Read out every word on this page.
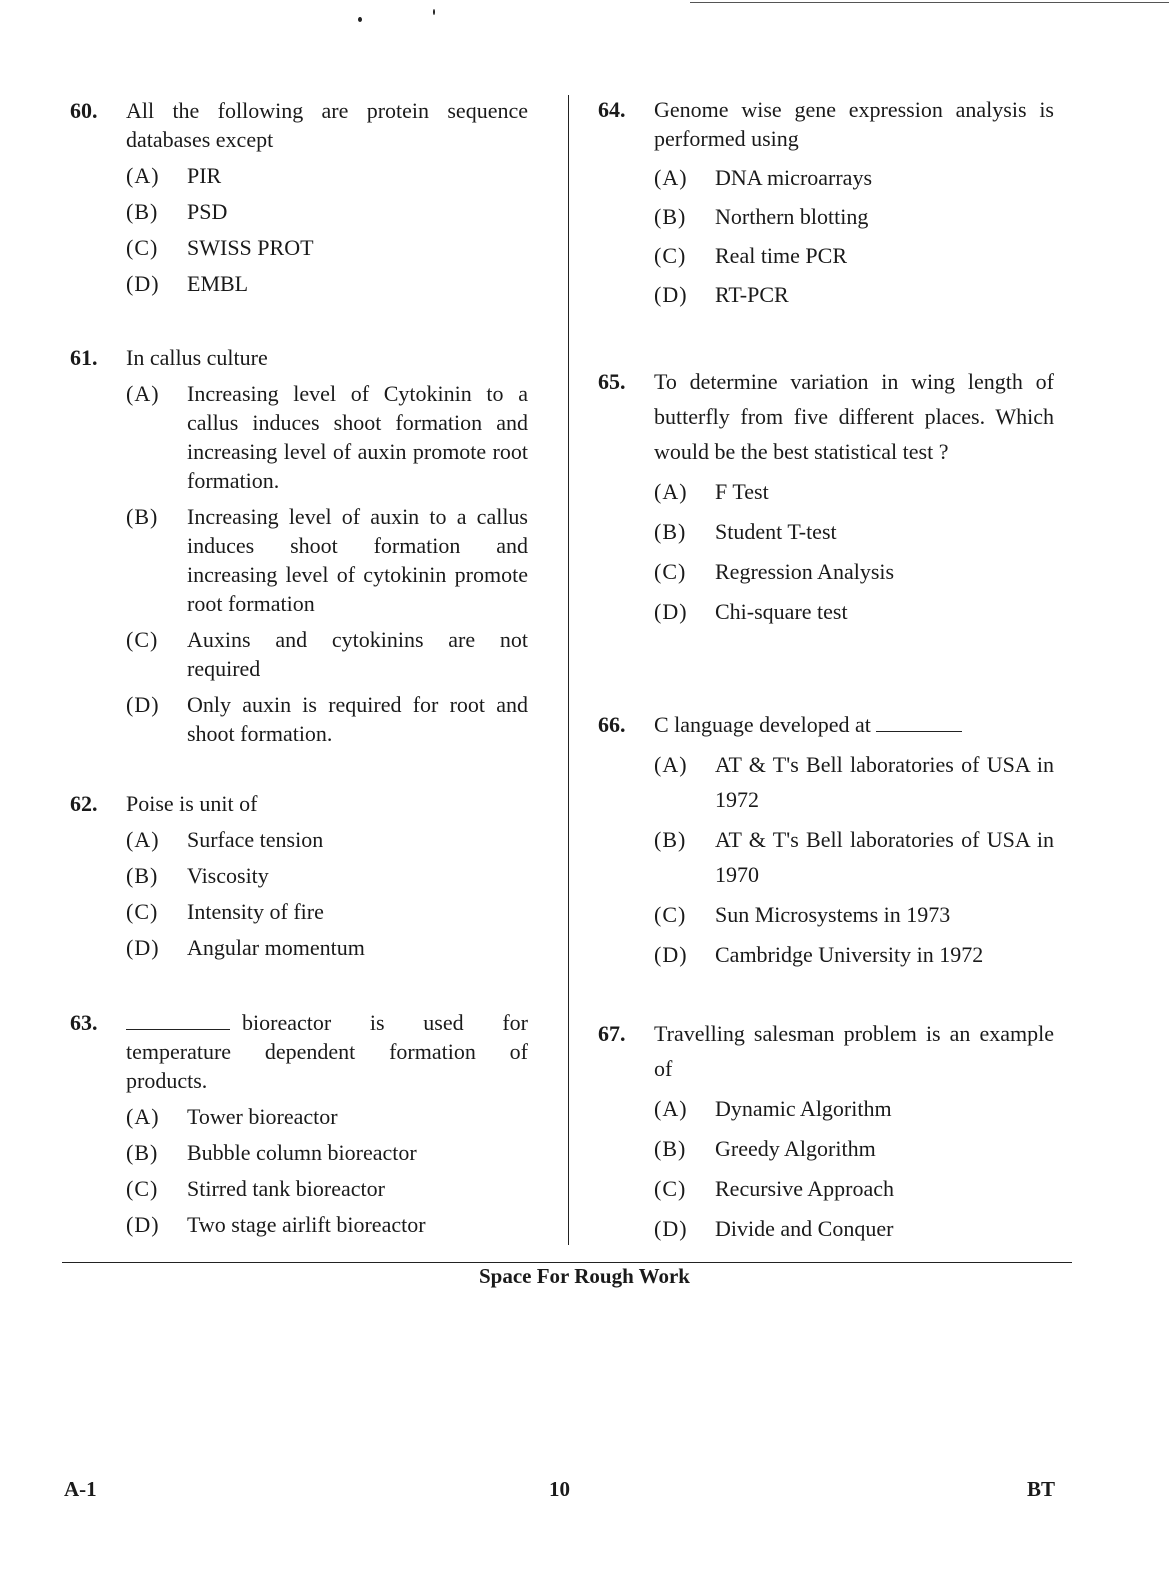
60.	All the following are protein sequence databases except
(A)	PIR
(B)	PSD
(C)	SWISS PROT
(D)	EMBL
61.	In callus culture
(A)	Increasing level of Cytokinin to a callus induces shoot formation and increasing level of auxin promote root formation.
(B)	Increasing level of auxin to a callus induces shoot formation and increasing level of cytokinin promote root formation
(C)	Auxins and cytokinins are not required
(D)	Only auxin is required for root and shoot formation.
62.	Poise is unit of
(A)	Surface tension
(B)	Viscosity
(C)	Intensity of fire
(D)	Angular momentum
63.	bioreactor is used for temperature dependent formation of products.
(A)	Tower bioreactor
(B)	Bubble column bioreactor
(C)	Stirred tank bioreactor
(D)	Two stage airlift bioreactor
64.	Genome wise gene expression analysis is performed using
(A)	DNA microarrays
(B)	Northern blotting
(C)	Real time PCR
(D)	RT-PCR
65.	To determine variation in wing length of butterfly from five different places. Which would be the best statistical test ?
(A)	F Test
(B)	Student T-test
(C)	Regression Analysis
(D)	Chi-square test
66.	C language developed at
(A)	AT & T's Bell laboratories of USA in 1972
(B)	AT & T's Bell laboratories of USA in 1970
(C)	Sun Microsystems in 1973
(D)	Cambridge University in 1972
67.	Travelling salesman problem is an example of
(A)	Dynamic Algorithm
(B)	Greedy Algorithm
(C)	Recursive Approach
(D)	Divide and Conquer
Space For Rough Work
A-1	10	BT
